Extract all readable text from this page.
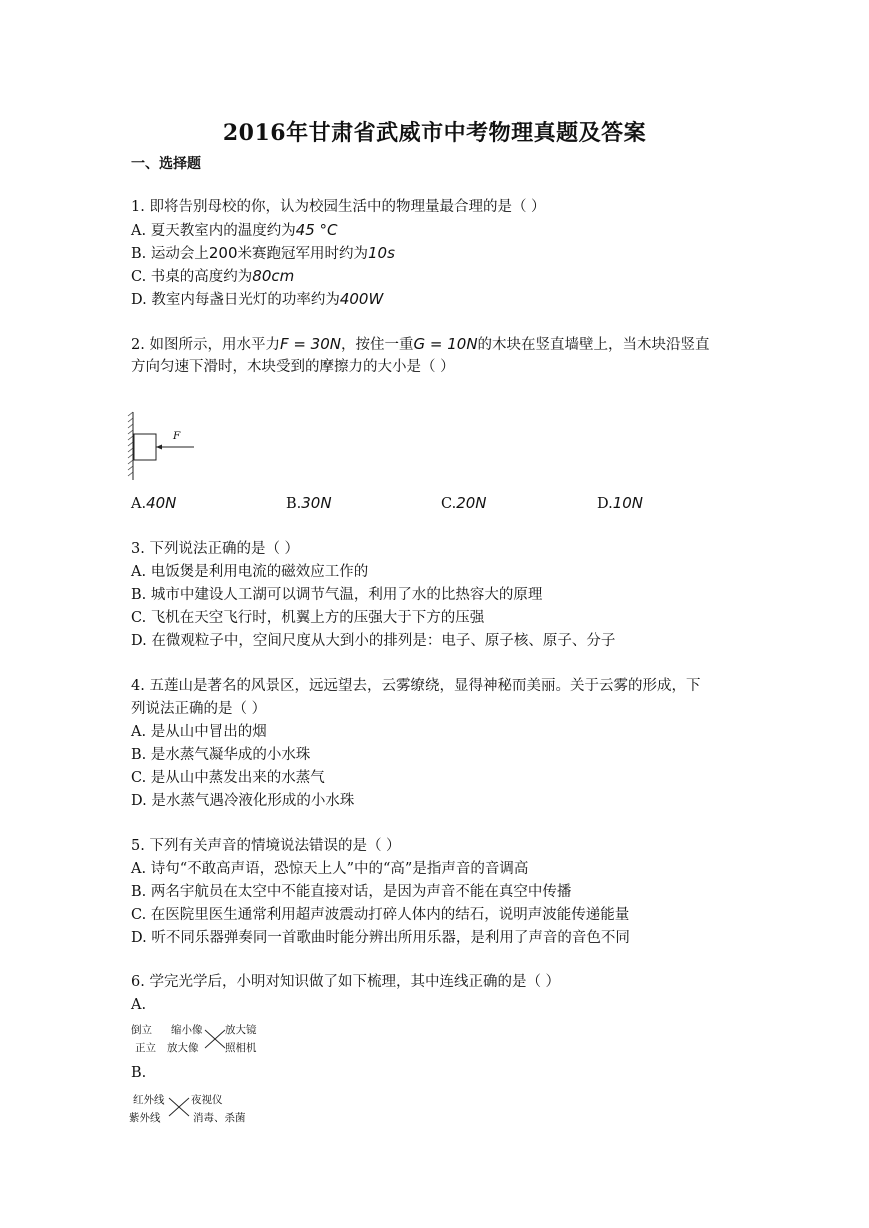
2016年甘肃省武威市中考物理真题及答案
一、选择题
1. 即将告别母校的你，认为校园生活中的物理量最合理的是（ ）
A. 夏天教室内的温度约为45 °C
B. 运动会上200米赛跑冠军用时约为10s
C. 书桌的高度约为80cm
D. 教室内每盏日光灯的功率约为400W
2. 如图所示，用水平力F = 30N，按住一重G = 10N的木块在竖直墙壁上，当木块沿竖直
方向匀速下滑时，木块受到的摩擦力的大小是（ ）
F
A.40N	B.30N	C.20N	D.10N
3. 下列说法正确的是（ ）
A. 电饭煲是利用电流的磁效应工作的
B. 城市中建设人工湖可以调节气温，利用了水的比热容大的原理
C. 飞机在天空飞行时，机翼上方的压强大于下方的压强
D. 在微观粒子中，空间尺度从大到小的排列是：电子、原子核、原子、分子
4. 五莲山是著名的风景区，远远望去，云雾缭绕，显得神秘而美丽。关于云雾的形成，下
列说法正确的是（ ）
A. 是从山中冒出的烟
B. 是水蒸气凝华成的小水珠
C. 是从山中蒸发出来的水蒸气
D. 是水蒸气遇冷液化形成的小水珠
5. 下列有关声音的情境说法错误的是（ ）
A. 诗句“不敢高声语，恐惊天上人”中的“高”是指声音的音调高
B. 两名宇航员在太空中不能直接对话，是因为声音不能在真空中传播
C. 在医院里医生通常利用超声波震动打碎人体内的结石，说明声波能传递能量
D. 听不同乐器弹奏同一首歌曲时能分辨出所用乐器，是利用了声音的音色不同
6. 学完光学后，小明对知识做了如下梳理，其中连线正确的是（ ）
A.
倒立
正立
缩小像
放大像
放大镜
照相机
B.
红外线
紫外线
夜视仪
消毒、杀菌
